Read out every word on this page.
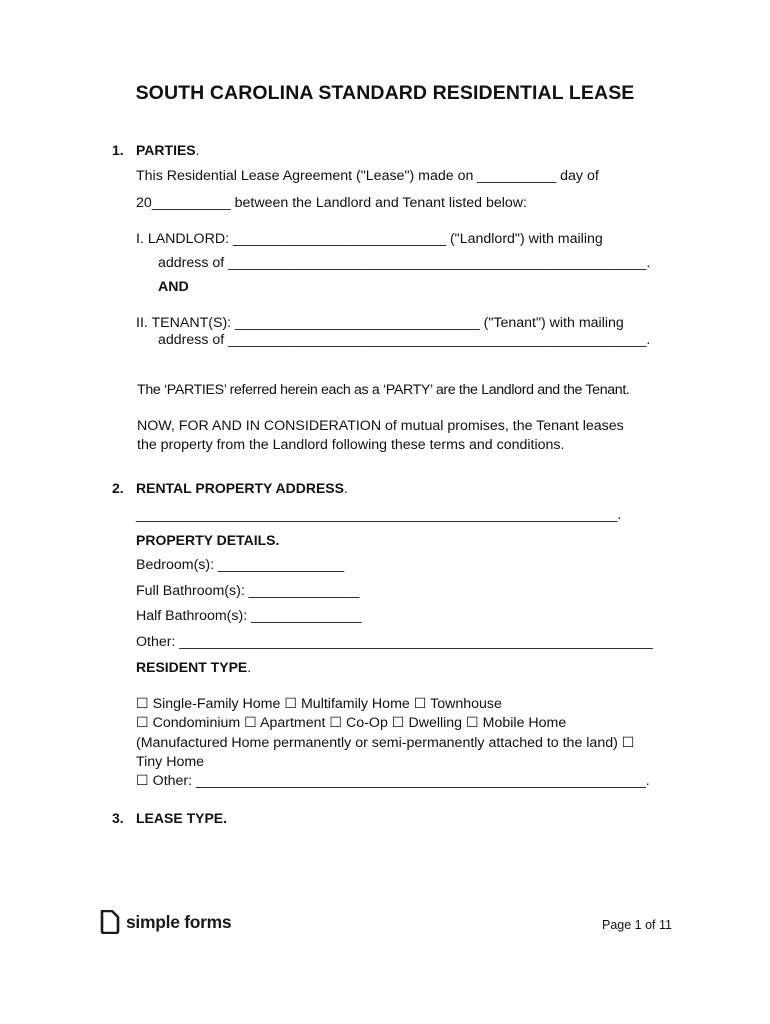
SOUTH CAROLINA STANDARD RESIDENTIAL LEASE
1. PARTIES.
This Residential Lease Agreement ("Lease") made on __________ day of
20__________ between the Landlord and Tenant listed below:
I. LANDLORD: ___________________________ ("Landlord") with mailing
address of _____________________________________________________.
AND
II. TENANT(S): _______________________________ ("Tenant") with mailing
address of _____________________________________________________.
The ‘PARTIES’ referred herein each as a ‘PARTY’ are the Landlord and the Tenant.
NOW, FOR AND IN CONSIDERATION of mutual promises, the Tenant leases
the property from the Landlord following these terms and conditions.
2. RENTAL PROPERTY ADDRESS.
_____________________________________________________________.
PROPERTY DETAILS.
Bedroom(s): ________________
Full Bathroom(s): ______________
Half Bathroom(s): ______________
Other: ____________________________________________________________
RESIDENT TYPE.
☐ Single-Family Home ☐ Multifamily Home ☐ Townhouse
☐ Condominium ☐ Apartment ☐ Co-Op ☐ Dwelling ☐ Mobile Home
(Manufactured Home permanently or semi-permanently attached to the land) ☐
Tiny Home
☐ Other: _________________________________________________________.
3. LEASE TYPE.
simple forms	Page 1 of 11
